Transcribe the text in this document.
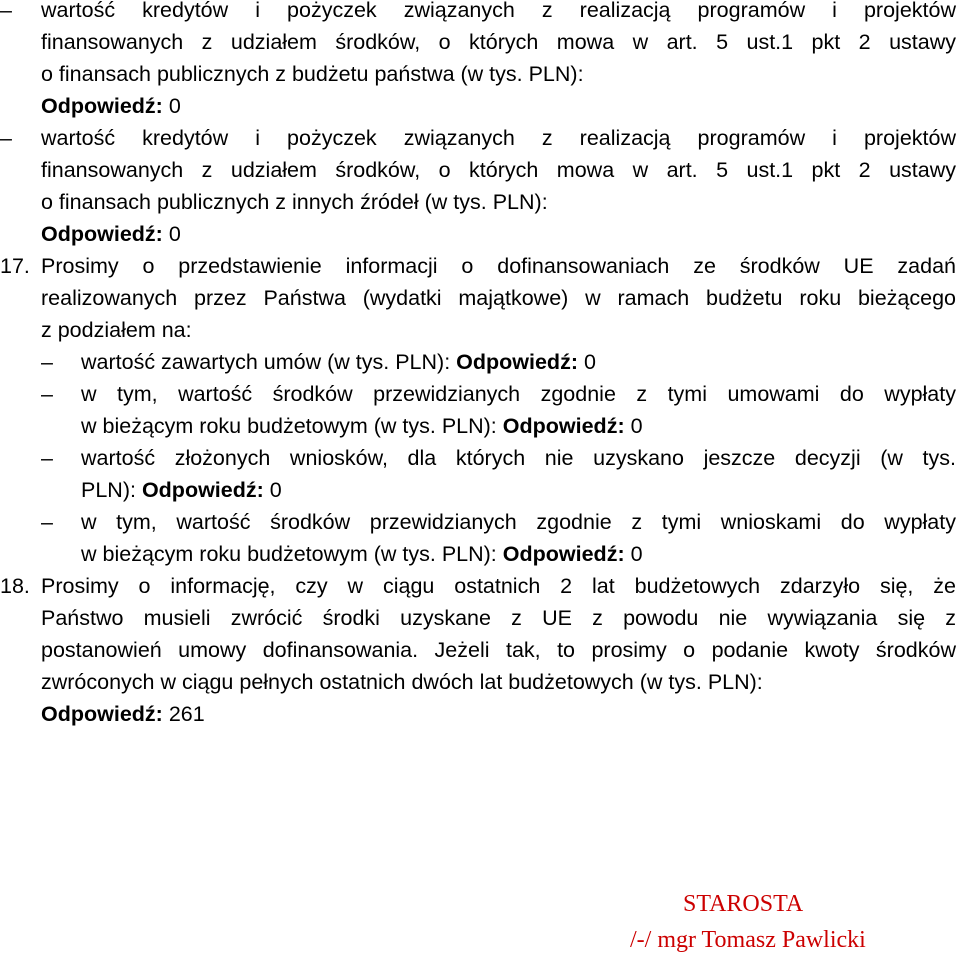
– wartość kredytów i pożyczek związanych z realizacją programów i projektów
finansowanych z udziałem środków, o których mowa w art. 5 ust.1 pkt 2 ustawy
o finansach publicznych z budżetu państwa (w tys. PLN):
Odpowiedź: 0
– wartość kredytów i pożyczek związanych z realizacją programów i projektów
finansowanych z udziałem środków, o których mowa w art. 5 ust.1 pkt 2 ustawy
o finansach publicznych z innych źródeł (w tys. PLN):
Odpowiedź: 0
17. Prosimy o przedstawienie informacji o dofinansowaniach ze środków UE zadań
realizowanych przez Państwa (wydatki majątkowe) w ramach budżetu roku bieżącego
z podziałem na:
– wartość zawartych umów (w tys. PLN): Odpowiedź: 0
– w tym, wartość środków przewidzianych zgodnie z tymi umowami do wypłaty
w bieżącym roku budżetowym (w tys. PLN): Odpowiedź: 0
– wartość złożonych wniosków, dla których nie uzyskano jeszcze decyzji (w tys.
PLN): Odpowiedź: 0
– w tym, wartość środków przewidzianych zgodnie z tymi wnioskami do wypłaty
w bieżącym roku budżetowym (w tys. PLN): Odpowiedź: 0
18. Prosimy o informację, czy w ciągu ostatnich 2 lat budżetowych zdarzyło się, że
Państwo musieli zwrócić środki uzyskane z UE z powodu nie wywiązania się z
postanowień umowy dofinansowania. Jeżeli tak, to prosimy o podanie kwoty środków
zwróconych w ciągu pełnych ostatnich dwóch lat budżetowych (w tys. PLN):
Odpowiedź: 261
STAROSTA
/-/ mgr Tomasz Pawlicki
